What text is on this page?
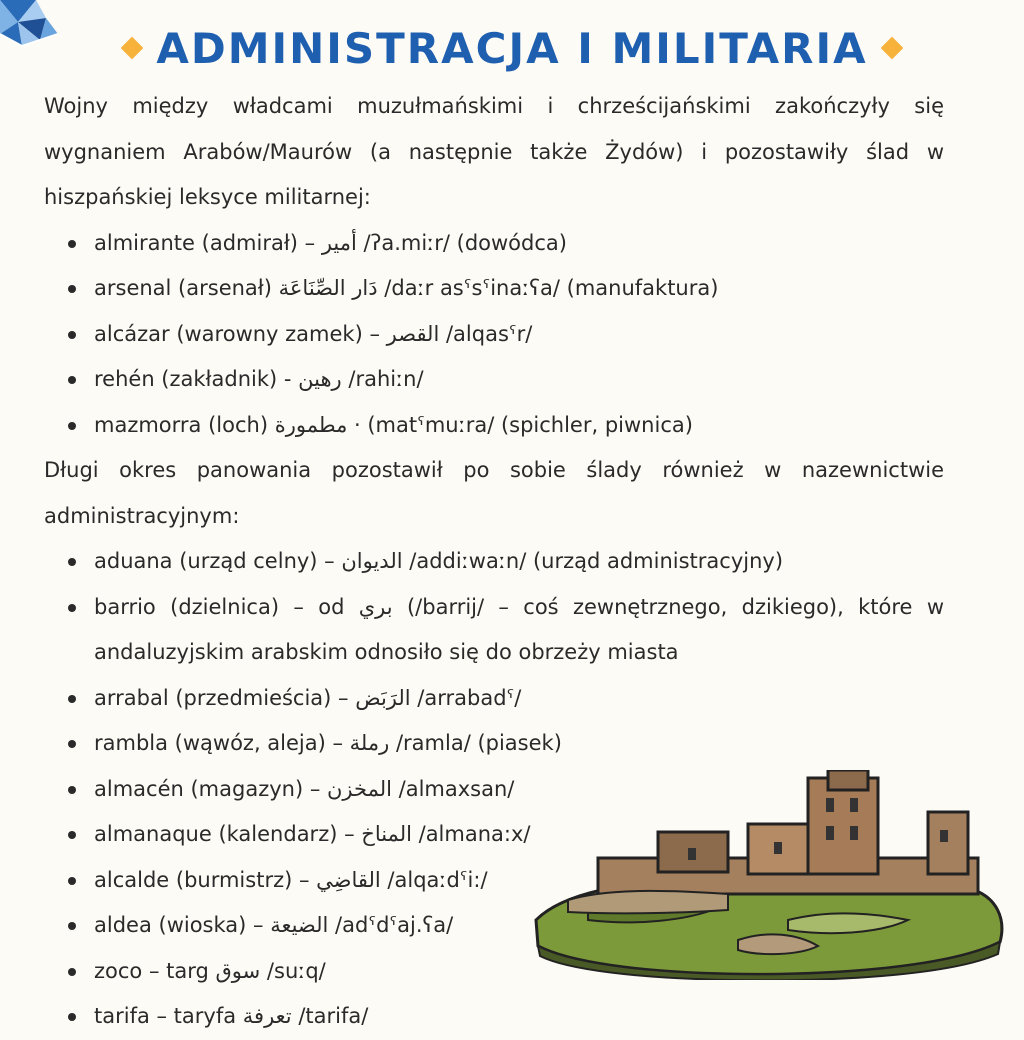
ADMINISTRACJA I MILITARIA

Wojny między władcami muzułmańskimi i chrześcijańskimi zakończyły się wygnaniem Arabów/Maurów (a następnie także Żydów) i pozostawiły ślad w hiszpańskiej leksyce militarnej:

almirante (admirał) – أمير /ʔa.miːr/ (dowódca)
arsenal (arsenał) دَار الصِّنَاعَة /daːr asˤsˤinaːʕa/ (manufaktura)
alcázar (warowny zamek) – القصر /alqasˤr/
rehén (zakładnik) - رهين /rahiːn/
mazmorra (loch) مطمورة · (matˤmuːra/ (spichler, piwnica)

Długi okres panowania pozostawił po sobie ślady również w nazewnictwie administracyjnym:

aduana (urząd celny) – الديوان /addiːwaːn/ (urząd administracyjny)
barrio (dzielnica) – od بري (/barrij/ – coś zewnętrznego, dzikiego), które w andaluzyjskim arabskim odnosiło się do obrzeży miasta
arrabal (przedmieścia) – الرَبَض /arrabadˤ/
rambla (wąwóz, aleja) – رملة /ramla/ (piasek)
almacén (magazyn) – المخزن /almaxsan/
almanaque (kalendarz) – المناخ /almana:x/
alcalde (burmistrz) – القاضِي /alqaːdˤi:/
aldea (wioska) – الضيعة /adˤdˤaj.ʕa/
zoco – targ سوق /suːq/
tarifa – taryfa تعرفة /tarifa/
